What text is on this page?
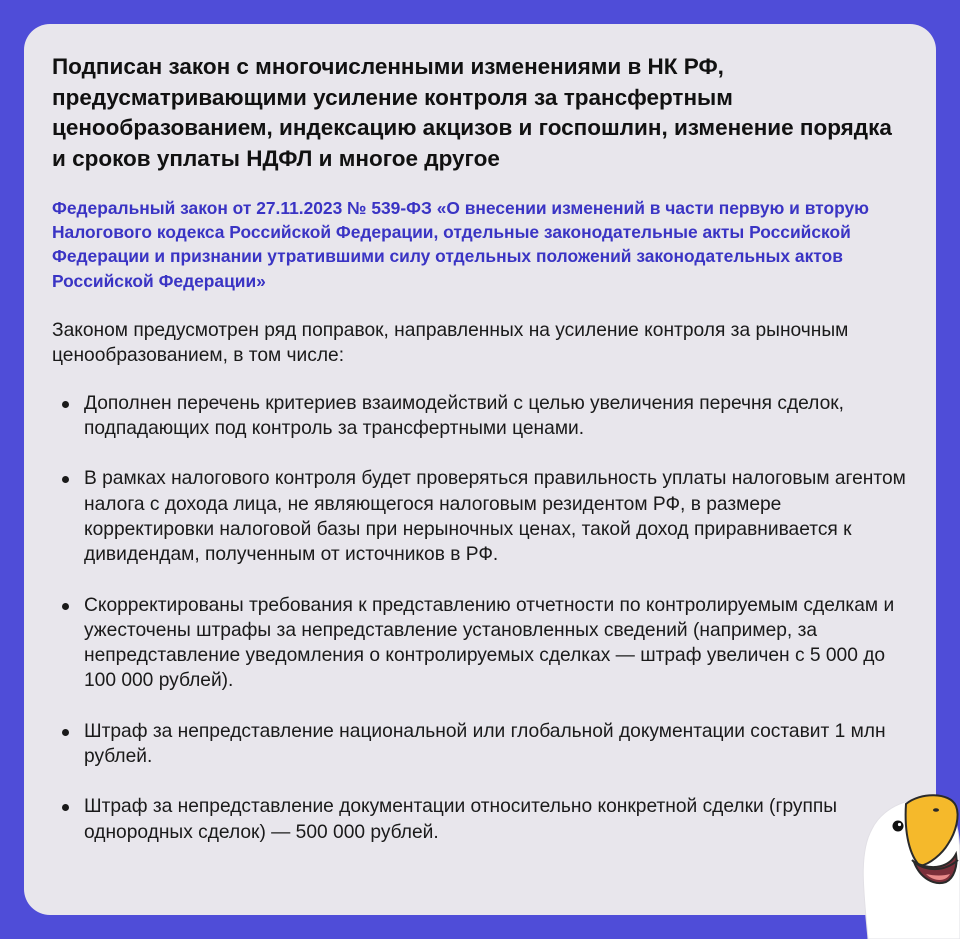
Подписан закон с многочисленными изменениями в НК РФ, предусматривающими усиление контроля за трансфертным ценообразованием, индексацию акцизов и госпошлин, изменение порядка и сроков уплаты НДФЛ и многое другое

Федеральный закон от 27.11.2023 № 539-ФЗ «О внесении изменений в части первую и вторую Налогового кодекса Российской Федерации, отдельные законодательные акты Российской Федерации и признании утратившими силу отдельных положений законодательных актов Российской Федерации»

Законом предусмотрен ряд поправок, направленных на усиление контроля за рыночным ценообразованием, в том числе:

Дополнен перечень критериев взаимодействий с целью увеличения перечня сделок, подпадающих под контроль за трансфертными ценами.
В рамках налогового контроля будет проверяться правильность уплаты налоговым агентом налога с дохода лица, не являющегося налоговым резидентом РФ, в размере корректировки налоговой базы при нерыночных ценах, такой доход приравнивается к дивидендам, полученным от источников в РФ.
Скорректированы требования к представлению отчетности по контролируемым сделкам и ужесточены штрафы за непредставление установленных сведений (например, за непредставление уведомления о контролируемых сделках — штраф увеличен с 5 000 до 100 000 рублей).
Штраф за непредставление национальной или глобальной документации составит 1 млн рублей.
Штраф за непредставление документации относительно конкретной сделки (группы однородных сделок) — 500 000 рублей.
